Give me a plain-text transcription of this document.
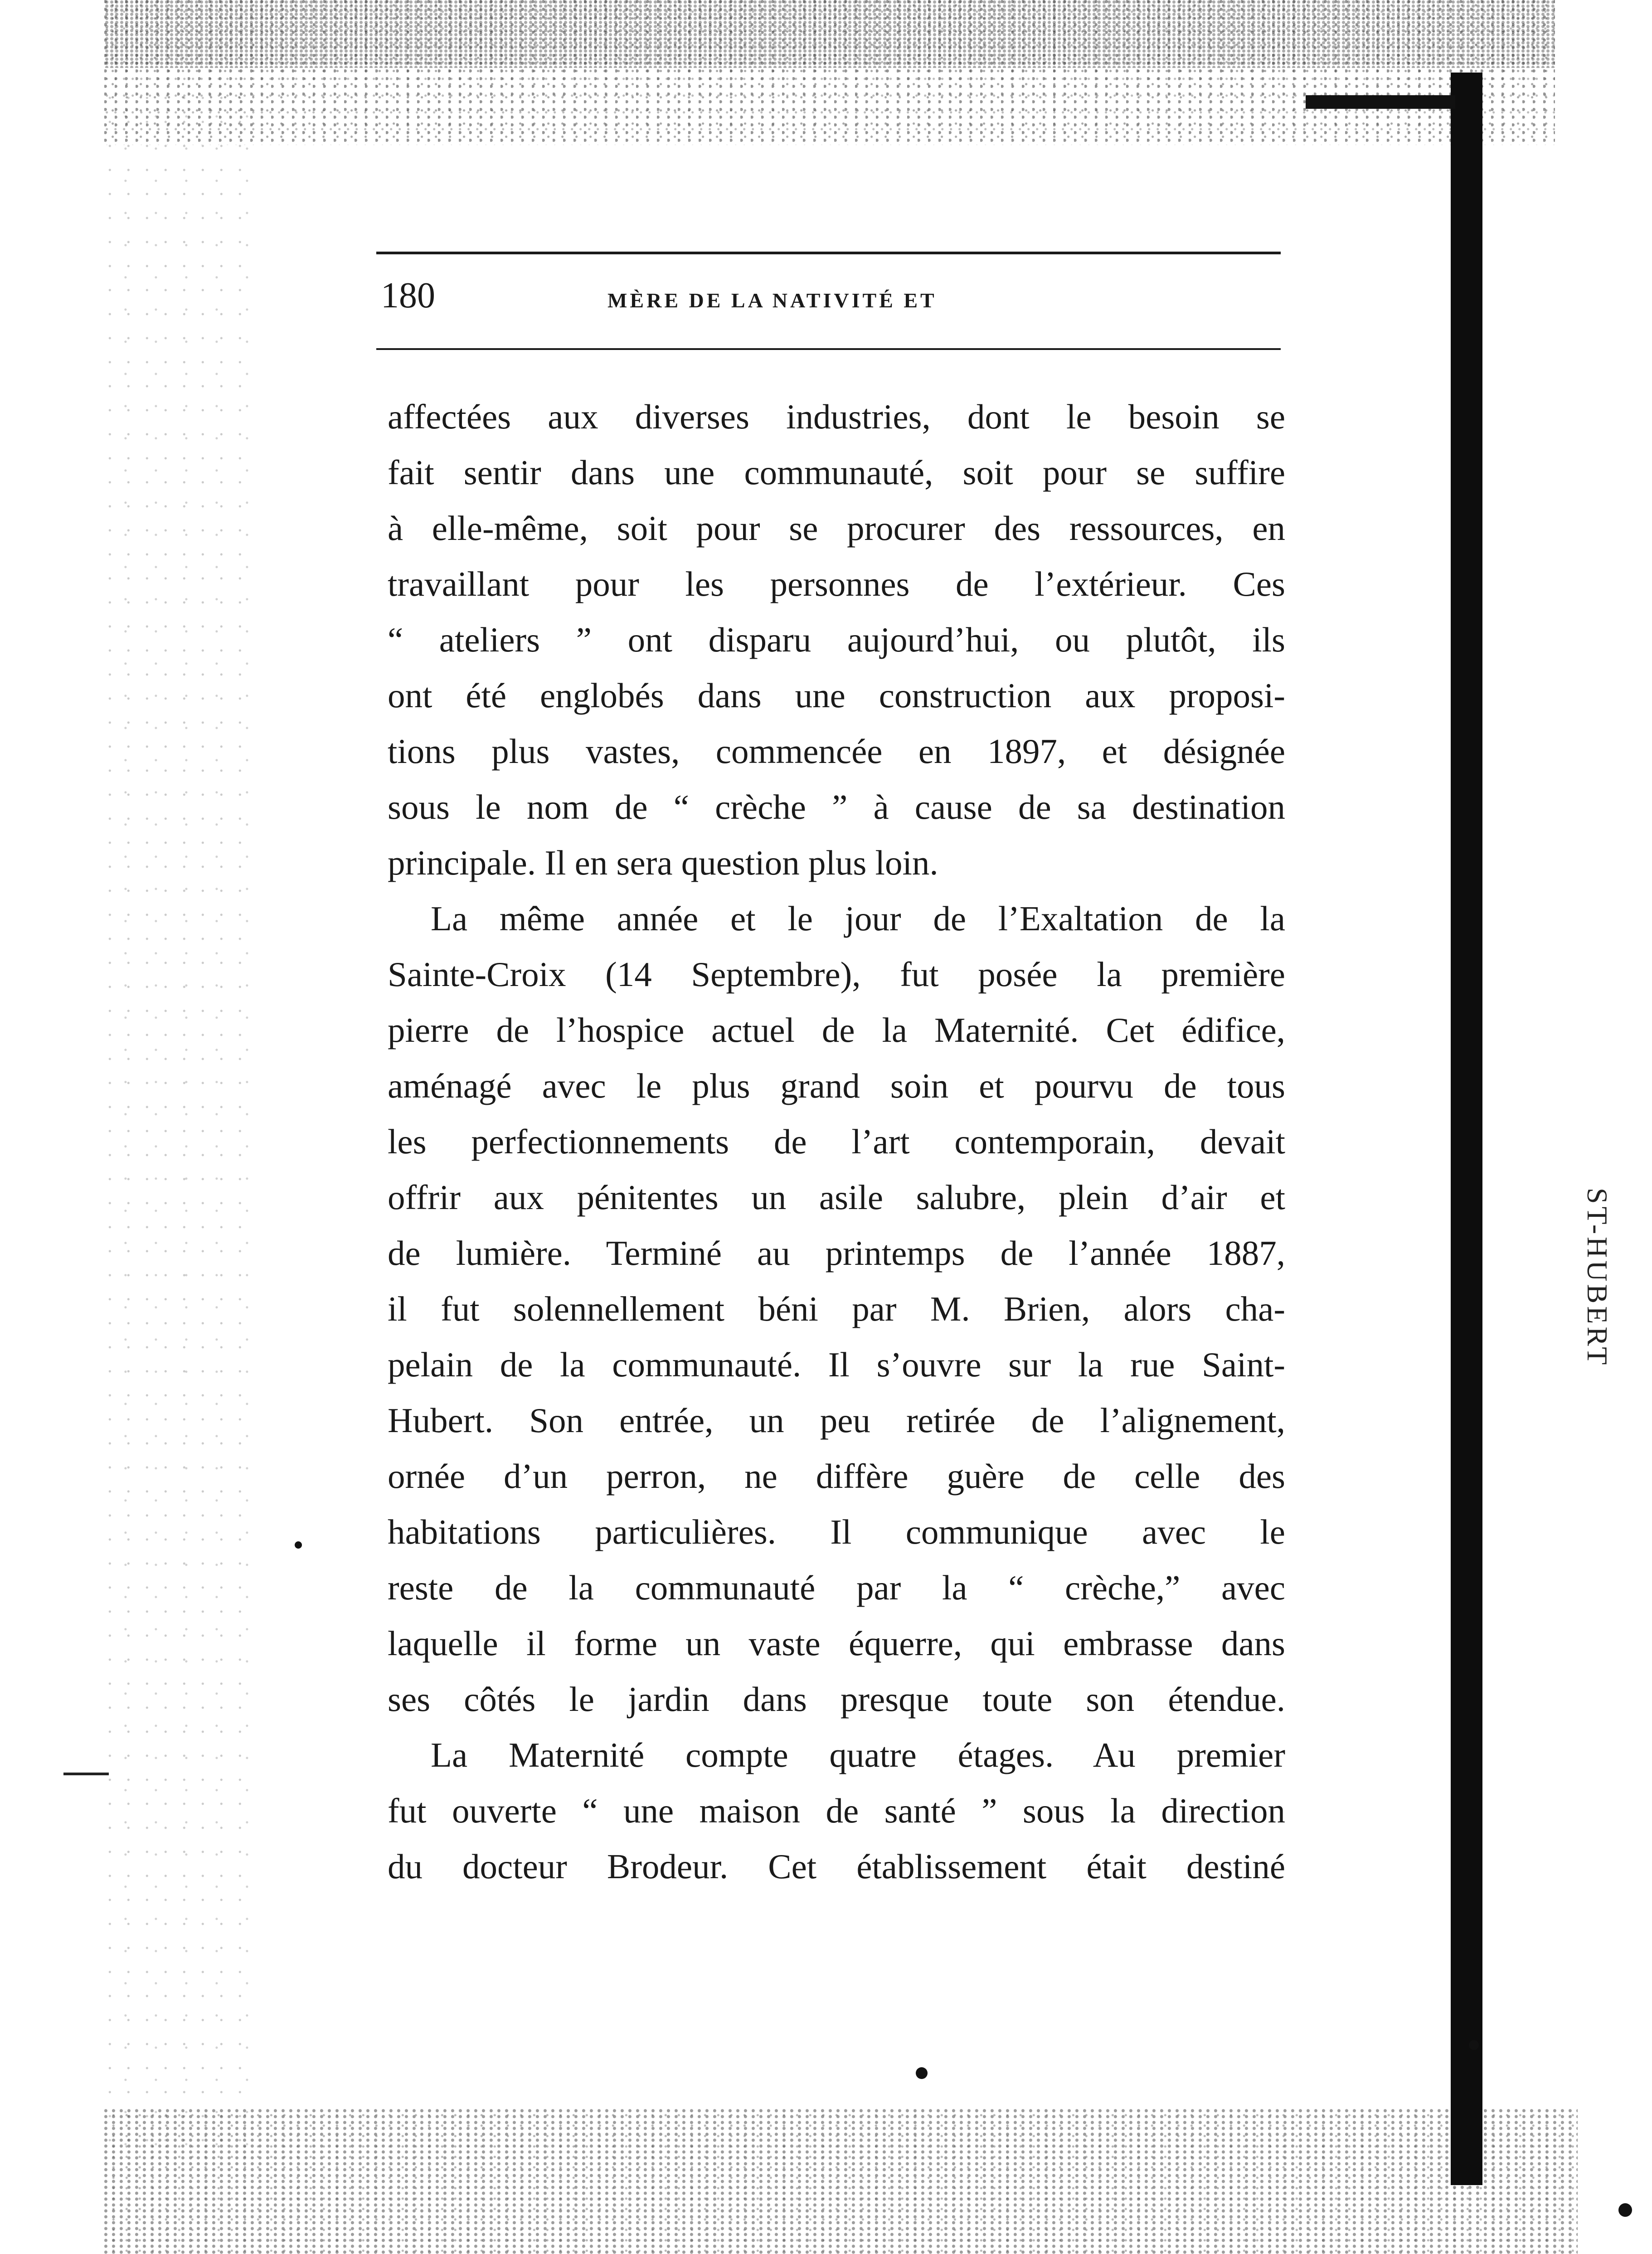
ST-HUBERT
180	MÈRE DE LA NATIVITÉ ET
affectées aux diverses industries, dont le besoin se
fait sentir dans une communauté, soit pour se suffire
à elle-même, soit pour se procurer des ressources, en
travaillant pour les personnes de l’extérieur. Ces
“ ateliers ” ont disparu aujourd’hui, ou plutôt, ils
ont été englobés dans une construction aux proposi-
tions plus vastes, commencée en 1897, et désignée
sous le nom de “ crèche ” à cause de sa destination
principale. Il en sera question plus loin.
La même année et le jour de l’Exaltation de la
Sainte-Croix (14 Septembre), fut posée la première
pierre de l’hospice actuel de la Maternité. Cet édifice,
aménagé avec le plus grand soin et pourvu de tous
les perfectionnements de l’art contemporain, devait
offrir aux pénitentes un asile salubre, plein d’air et
de lumière. Terminé au printemps de l’année 1887,
il fut solennellement béni par M. Brien, alors cha-
pelain de la communauté. Il s’ouvre sur la rue Saint-
Hubert. Son entrée, un peu retirée de l’alignement,
ornée d’un perron, ne diffère guère de celle des
habitations particulières. Il communique avec le
reste de la communauté par la “ crèche,” avec
laquelle il forme un vaste équerre, qui embrasse dans
ses côtés le jardin dans presque toute son étendue.
La Maternité compte quatre étages. Au premier
fut ouverte “ une maison de santé ” sous la direction
du docteur Brodeur. Cet établissement était destiné
